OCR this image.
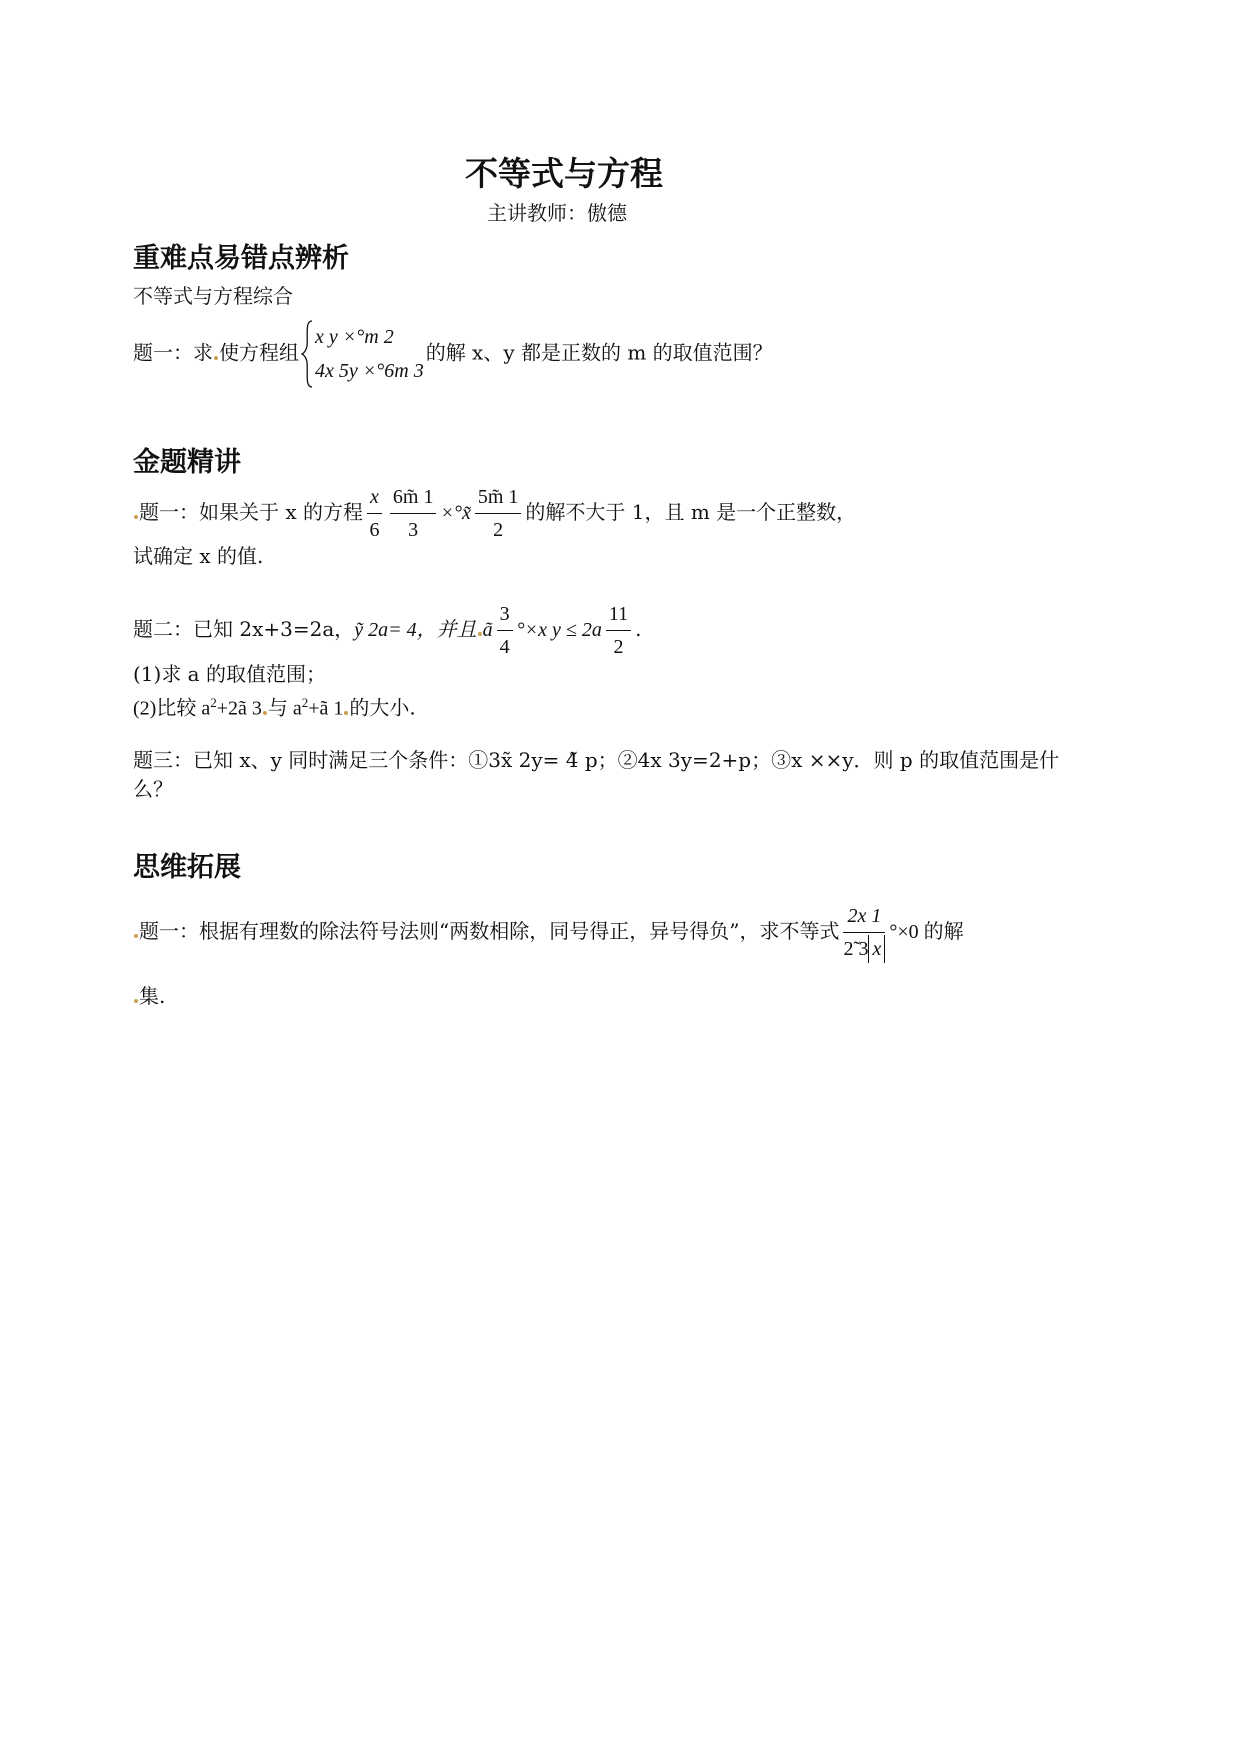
不等式与方程
主讲教师：傲德
重难点易错点辨析
不等式与方程综合
题一：求 使方程组
x y ×°m 2
4x 5y ×°6m 3
的解 x、y 都是正数的 m 的取值范围？
金题精讲
题一：如果关于 x 的方程 $\frac{x}{6} \frac{6m̃ 1}{3}$ ×°x̃ $\frac{5m̃ 1}{2}$ 的解不大于 1，且 m 是一个正整数，
试确定 x 的值.
题二：已知 2x+3=2a，ỹ 2a= 4，并且 ã $\frac{3}{4} ^\circ\times x$ $y \le 2a \frac{11}{2}$ .
(1)求 a 的取值范围；
(2)比较 $a^2+2ã$ 3 与 $a^2+ã$ 1 的大小.
题三：已知 x、y 同时满足三个条件：①3x̃ 2y= 4̃ p；②4x 3y=2+p；③x ××y．则 p 的取值范围是什
么？
思维拓展
题一：根据有理数的除法符号法则“两数相除，同号得正，异号得负”，求不等式 $\frac{2x 1}{2̃ 3 x} ^\circ\times 0$ 的解
集.
